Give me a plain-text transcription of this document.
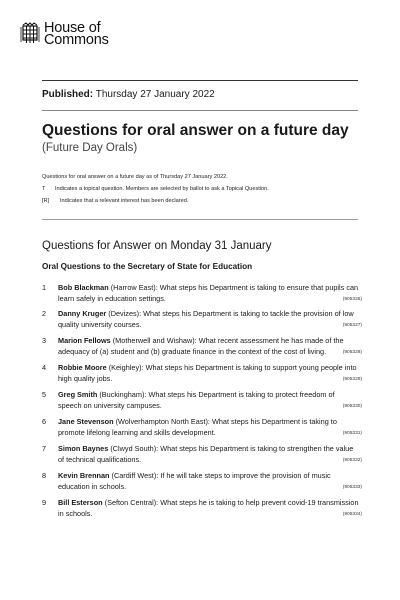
House of
Commons
Published: Thursday 27 January 2022
Questions for oral answer on a future day
(Future Day Orals)
Questions for oral answer on a future day as of Thursday 27 January 2022.
T	Indicates a topical question. Members are selected by ballot to ask a Topical Question.
[R]	Indicates that a relevant interest has been declared.
Questions for Answer on Monday 31 January
Oral Questions to the Secretary of State for Education
1	Bob Blackman (Harrow East): What steps his Department is taking to ensure that pupils can learn safely in education settings.	(905326)
2	Danny Kruger (Devizes): What steps his Department is taking to tackle the provision of low quality university courses.	(905327)
3	Marion Fellows (Motherwell and Wishaw): What recent assessment he has made of the adequacy of (a) student and (b) graduate finance in the context of the cost of living.	(905328)
4	Robbie Moore (Keighley): What steps his Department is taking to support young people into high quality jobs.	(905329)
5	Greg Smith (Buckingham): What steps his Department is taking to protect freedom of speech on university campuses.	(905330)
6	Jane Stevenson (Wolverhampton North East): What steps his Department is taking to promote lifelong learning and skills development.	(905331)
7	Simon Baynes (Clwyd South): What steps his Department is taking to strengthen the value of technical qualifications.	(905332)
8	Kevin Brennan (Cardiff West): If he will take steps to improve the provision of music education in schools.	(905333)
9	Bill Esterson (Sefton Central): What steps he is taking to help prevent covid-19 transmission in schools.	(905334)
